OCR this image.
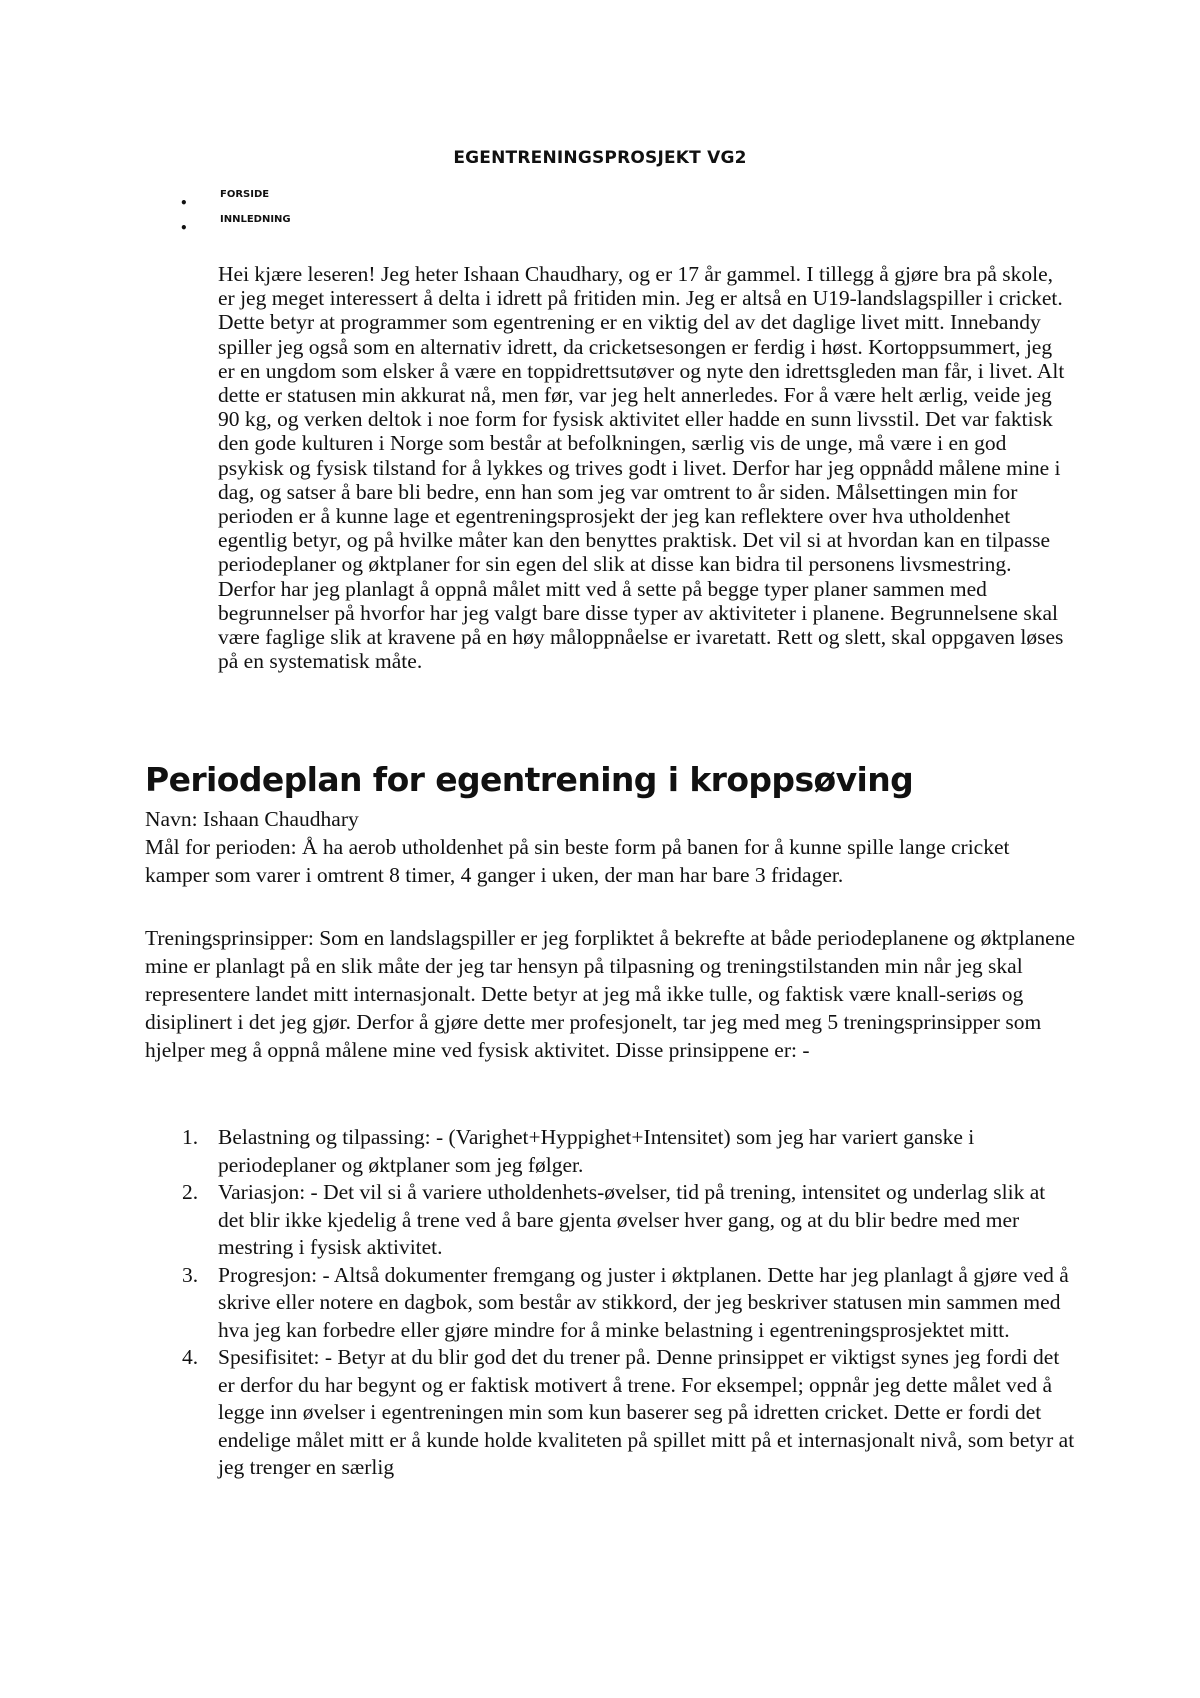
EGENTRENINGSPROSJEKT VG2
•
FORSIDE
•
INNLEDNING

Hei kjære leseren! Jeg heter Ishaan Chaudhary, og er 17 år gammel. I tillegg å gjøre bra på skole, er jeg meget interessert å delta i idrett på fritiden min. Jeg er altså en U19-landslagspiller i cricket. Dette betyr at programmer som egentrening er en viktig del av det daglige livet mitt. Innebandy spiller jeg også som en alternativ idrett, da cricketsesongen er ferdig i høst. Kortoppsummert, jeg er en ungdom som elsker å være en toppidrettsutøver og nyte den idrettsgleden man får, i livet. Alt dette er statusen min akkurat nå, men før, var jeg helt annerledes. For å være helt ærlig, veide jeg 90 kg, og verken deltok i noe form for fysisk aktivitet eller hadde en sunn livsstil. Det var faktisk den gode kulturen i Norge som består at befolkningen, særlig vis de unge, må være i en god psykisk og fysisk tilstand for å lykkes og trives godt i livet. Derfor har jeg oppnådd målene mine i dag, og satser å bare bli bedre, enn han som jeg var omtrent to år siden. Målsettingen min for perioden er å kunne lage et egentreningsprosjekt der jeg kan reflektere over hva utholdenhet egentlig betyr, og på hvilke måter kan den benyttes praktisk. Det vil si at hvordan kan en tilpasse periodeplaner og øktplaner for sin egen del slik at disse kan bidra til personens livsmestring. Derfor har jeg planlagt å oppnå målet mitt ved å sette på begge typer planer sammen med begrunnelser på hvorfor har jeg valgt bare disse typer av aktiviteter i planene. Begrunnelsene skal være faglige slik at kravene på en høy måloppnåelse er ivaretatt. Rett og slett, skal oppgaven løses på en systematisk måte.

Periodeplan for egentrening i kroppsøving

Navn: Ishaan Chaudhary

Mål for perioden: Å ha aerob utholdenhet på sin beste form på banen for å kunne spille lange cricket kamper som varer i omtrent 8 timer, 4 ganger i uken, der man har bare 3 fridager.

Treningsprinsipper: Som en landslagspiller er jeg forpliktet å bekrefte at både periodeplanene og øktplanene mine er planlagt på en slik måte der jeg tar hensyn på tilpasning og treningstilstanden min når jeg skal representere landet mitt internasjonalt. Dette betyr at jeg må ikke tulle, og faktisk være knall-seriøs og disiplinert i det jeg gjør. Derfor å gjøre dette mer profesjonelt, tar jeg med meg 5 treningsprinsipper som hjelper meg å oppnå målene mine ved fysisk aktivitet. Disse prinsippene er: -

1. Belastning og tilpassing: - (Varighet+Hyppighet+Intensitet) som jeg har variert ganske i periodeplaner og øktplaner som jeg følger.
2. Variasjon: - Det vil si å variere utholdenhets-øvelser, tid på trening, intensitet og underlag slik at det blir ikke kjedelig å trene ved å bare gjenta øvelser hver gang, og at du blir bedre med mer mestring i fysisk aktivitet.
3. Progresjon: - Altså dokumenter fremgang og juster i øktplanen. Dette har jeg planlagt å gjøre ved å skrive eller notere en dagbok, som består av stikkord, der jeg beskriver statusen min sammen med hva jeg kan forbedre eller gjøre mindre for å minke belastning i egentreningsprosjektet mitt.
4. Spesifisitet: - Betyr at du blir god det du trener på. Denne prinsippet er viktigst synes jeg fordi det er derfor du har begynt og er faktisk motivert å trene. For eksempel; oppnår jeg dette målet ved å legge inn øvelser i egentreningen min som kun baserer seg på idretten cricket. Dette er fordi det endelige målet mitt er å kunde holde kvaliteten på spillet mitt på et internasjonalt nivå, som betyr at jeg trenger en særlig
